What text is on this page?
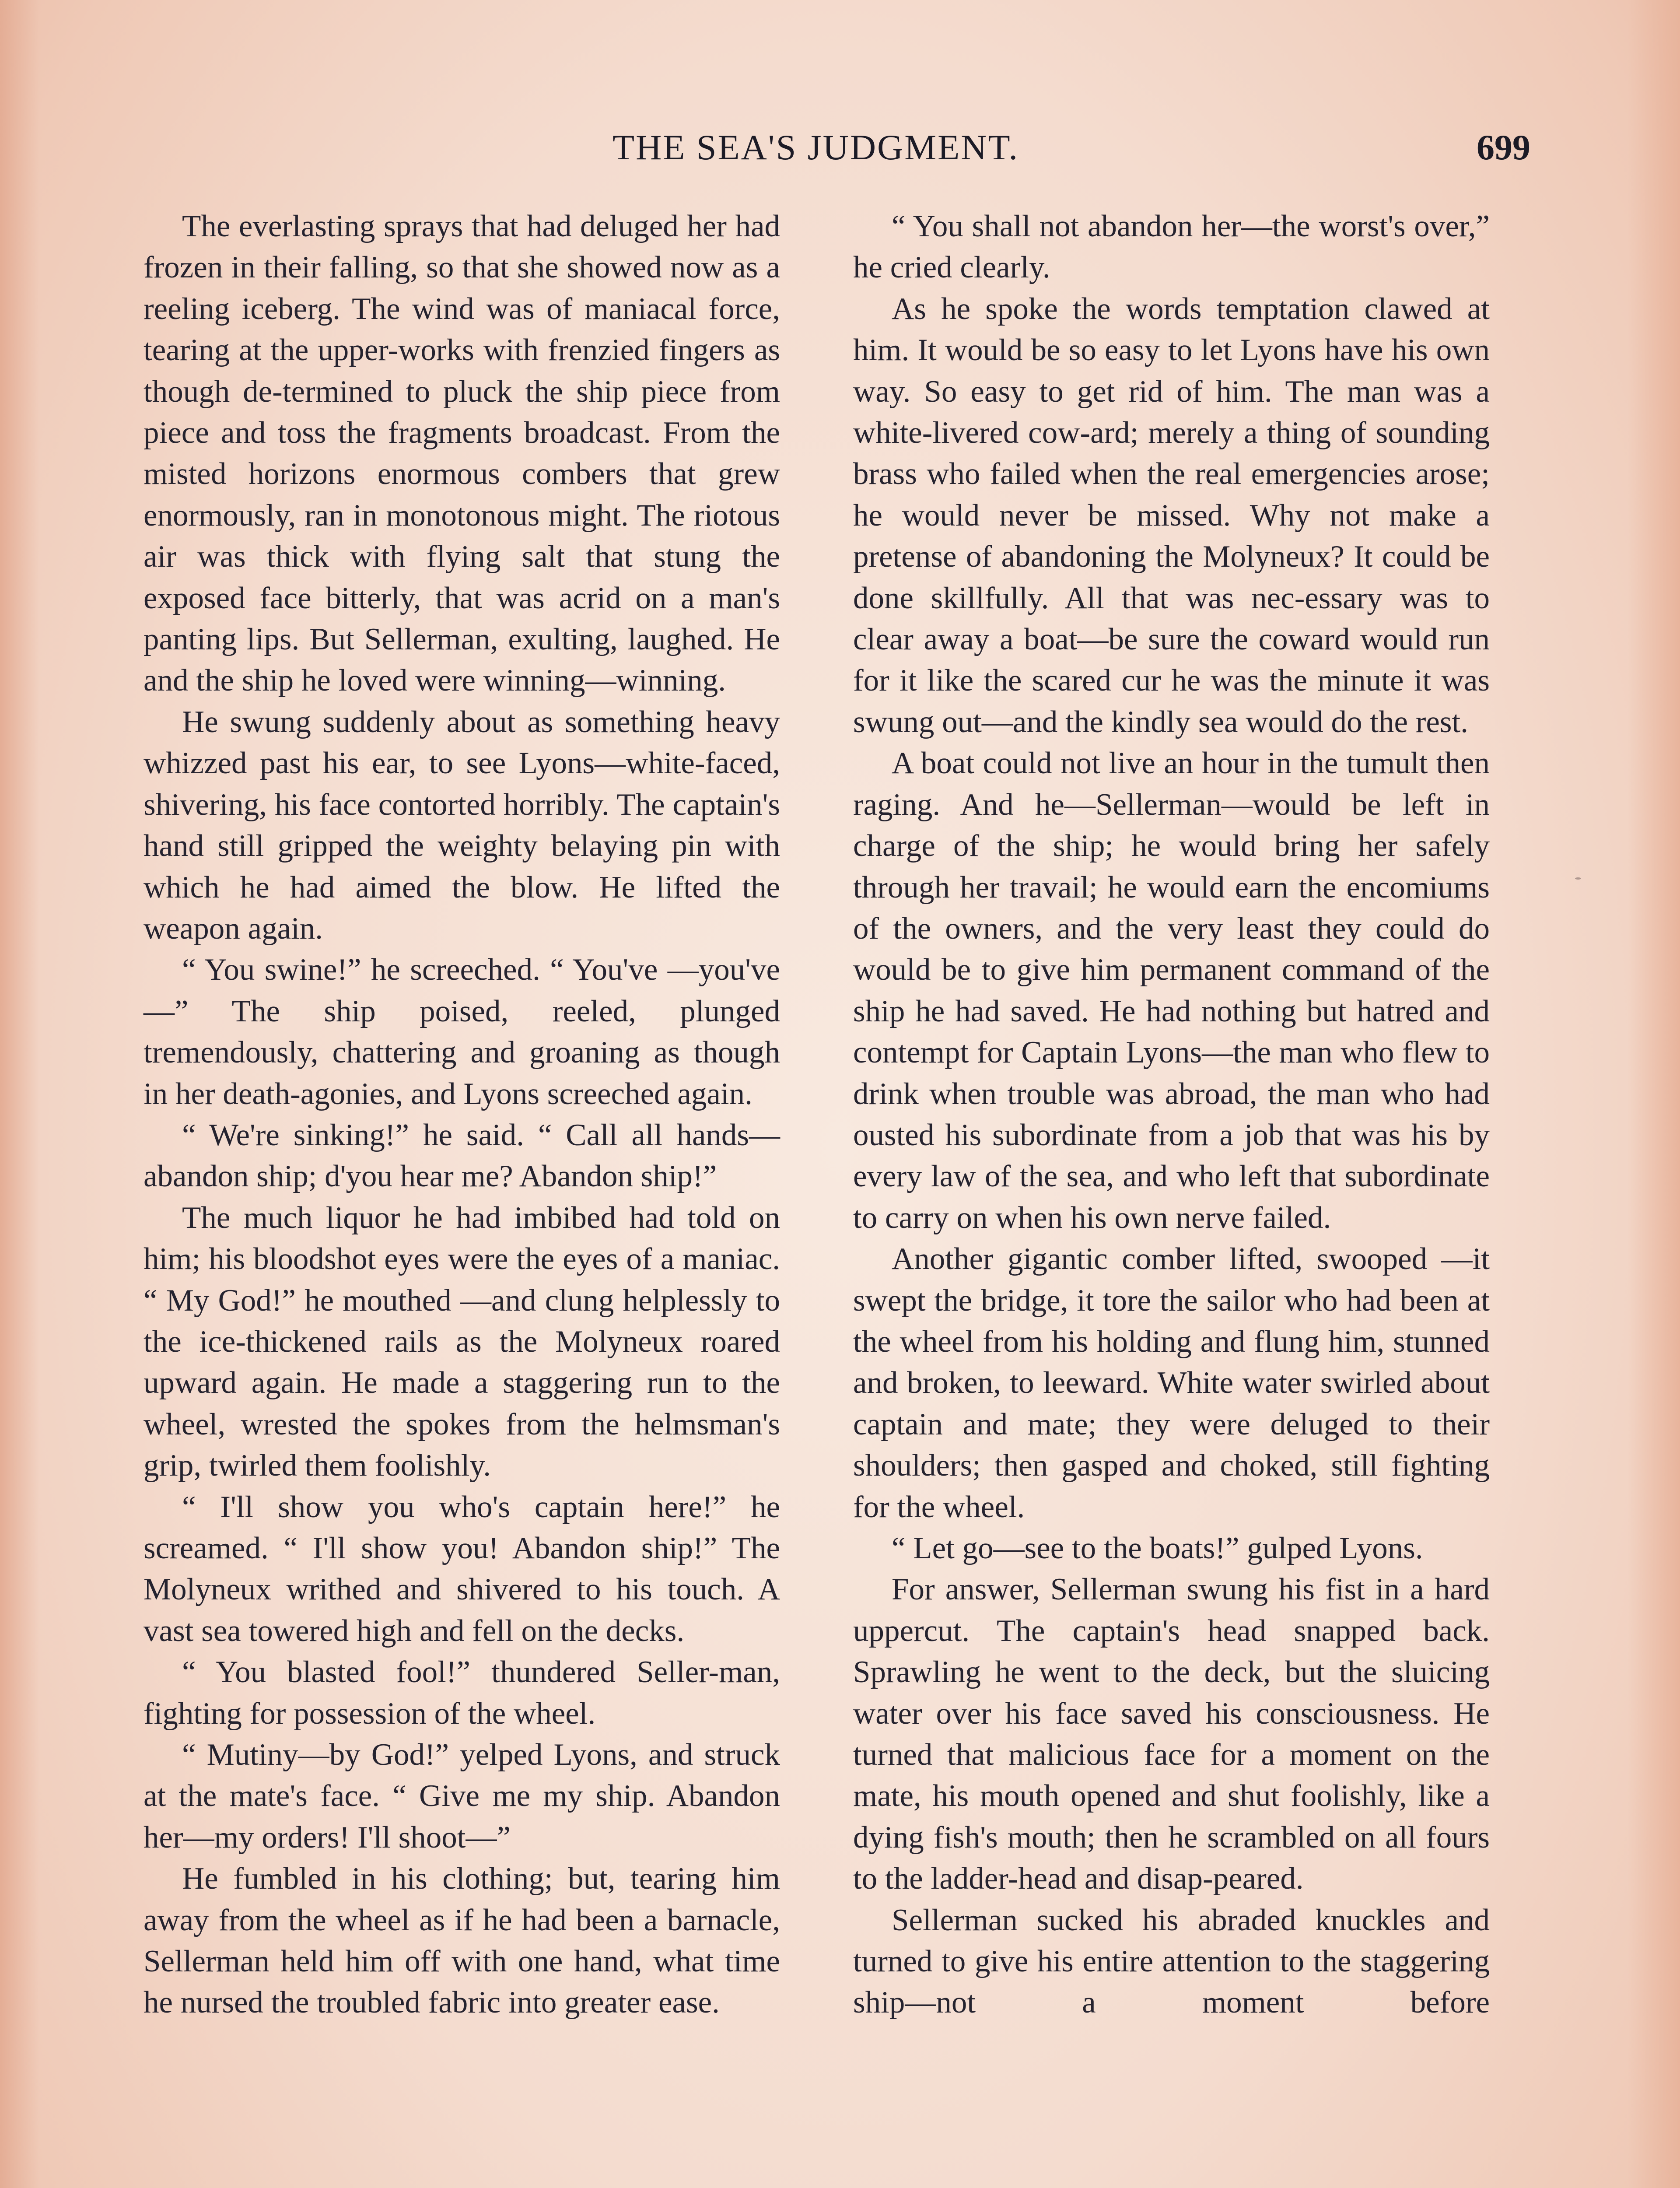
THE SEA'S JUDGMENT.	699

The everlasting sprays that had deluged her had frozen in their falling, so that she showed now as a reeling iceberg. The wind was of maniacal force, tearing at the upper-works with frenzied fingers as though de-termined to pluck the ship piece from piece and toss the fragments broadcast. From the misted horizons enormous combers that grew enormously, ran in monotonous might. The riotous air was thick with flying salt that stung the exposed face bitterly, that was acrid on a man's panting lips. But Sellerman, exulting, laughed. He and the ship he loved were winning—winning.

He swung suddenly about as something heavy whizzed past his ear, to see Lyons—white-faced, shivering, his face contorted horribly. The captain's hand still gripped the weighty belaying pin with which he had aimed the blow. He lifted the weapon again.

“ You swine!” he screeched. “ You've —you've—” The ship poised, reeled, plunged tremendously, chattering and groaning as though in her death-agonies, and Lyons screeched again.

“ We're sinking!” he said. “ Call all hands—abandon ship; d'you hear me? Abandon ship!”

The much liquor he had imbibed had told on him; his bloodshot eyes were the eyes of a maniac. “ My God!” he mouthed —and clung helplessly to the ice-thickened rails as the Molyneux roared upward again. He made a staggering run to the wheel, wrested the spokes from the helmsman's grip, twirled them foolishly.

“ I'll show you who's captain here!” he screamed. “ I'll show you! Abandon ship!” The Molyneux writhed and shivered to his touch. A vast sea towered high and fell on the decks.

“ You blasted fool!” thundered Seller-man, fighting for possession of the wheel.

“ Mutiny—by God!” yelped Lyons, and struck at the mate's face. “ Give me my ship. Abandon her—my orders! I'll shoot—”

He fumbled in his clothing; but, tearing him away from the wheel as if he had been a barnacle, Sellerman held him off with one hand, what time he nursed the troubled fabric into greater ease.

“ You shall not abandon her—the worst's over,” he cried clearly.

As he spoke the words temptation clawed at him. It would be so easy to let Lyons have his own way. So easy to get rid of him. The man was a white-livered cow-ard; merely a thing of sounding brass who failed when the real emergencies arose; he would never be missed. Why not make a pretense of abandoning the Molyneux? It could be done skillfully. All that was nec-essary was to clear away a boat—be sure the coward would run for it like the scared cur he was the minute it was swung out—and the kindly sea would do the rest.

A boat could not live an hour in the tumult then raging. And he—Sellerman—would be left in charge of the ship; he would bring her safely through her travail; he would earn the encomiums of the owners, and the very least they could do would be to give him permanent command of the ship he had saved. He had nothing but hatred and contempt for Captain Lyons—the man who flew to drink when trouble was abroad, the man who had ousted his subordinate from a job that was his by every law of the sea, and who left that subordinate to carry on when his own nerve failed.

Another gigantic comber lifted, swooped —it swept the bridge, it tore the sailor who had been at the wheel from his holding and flung him, stunned and broken, to leeward. White water swirled about captain and mate; they were deluged to their shoulders; then gasped and choked, still fighting for the wheel.

“ Let go—see to the boats!” gulped Lyons.

For answer, Sellerman swung his fist in a hard uppercut. The captain's head snapped back. Sprawling he went to the deck, but the sluicing water over his face saved his consciousness. He turned that malicious face for a moment on the mate, his mouth opened and shut foolishly, like a dying fish's mouth; then he scrambled on all fours to the ladder-head and disap-peared.

Sellerman sucked his abraded knuckles and turned to give his entire attention to the staggering ship—not a moment before
